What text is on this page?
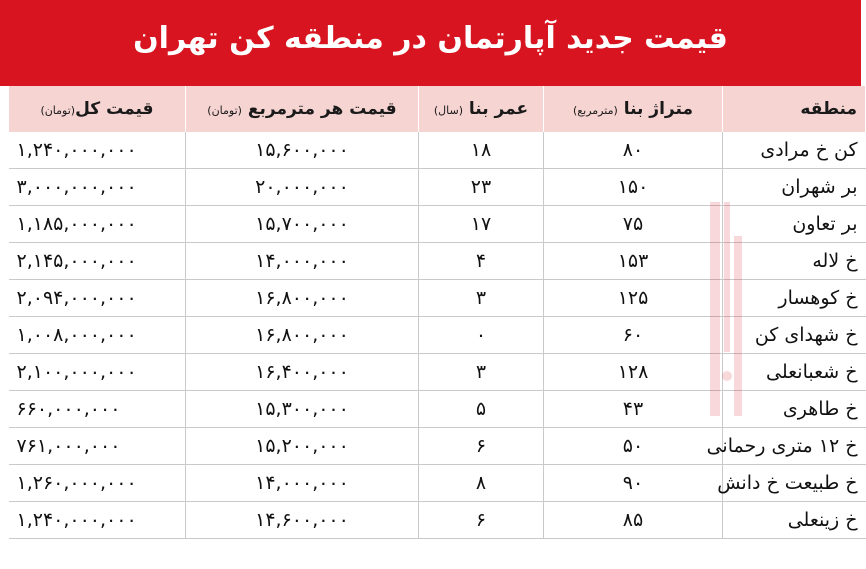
قیمت جدید آپارتمان در منطقه کن تهران
منطقه	متراژ بنا (مترمربع)	عمر بنا (سال)	قیمت هر مترمربع (تومان)	قیمت کل(تومان)
کن خ مرادی	۸۰	۱۸	۱۵,۶۰۰,۰۰۰	۱,۲۴۰,۰۰۰,۰۰۰
بر شهران	۱۵۰	۲۳	۲۰,۰۰۰,۰۰۰	۳,۰۰۰,۰۰۰,۰۰۰
بر تعاون	۷۵	۱۷	۱۵,۷۰۰,۰۰۰	۱,۱۸۵,۰۰۰,۰۰۰
خ لاله	۱۵۳	۴	۱۴,۰۰۰,۰۰۰	۲,۱۴۵,۰۰۰,۰۰۰
خ کوهسار	۱۲۵	۳	۱۶,۸۰۰,۰۰۰	۲,۰۹۴,۰۰۰,۰۰۰
خ شهدای کن	۶۰	۰	۱۶,۸۰۰,۰۰۰	۱,۰۰۸,۰۰۰,۰۰۰
خ شعبانعلی	۱۲۸	۳	۱۶,۴۰۰,۰۰۰	۲,۱۰۰,۰۰۰,۰۰۰
خ طاهری	۴۳	۵	۱۵,۳۰۰,۰۰۰	۶۶۰,۰۰۰,۰۰۰
خ ۱۲ متری رحمانی	۵۰	۶	۱۵,۲۰۰,۰۰۰	۷۶۱,۰۰۰,۰۰۰
خ طبیعت خ دانش	۹۰	۸	۱۴,۰۰۰,۰۰۰	۱,۲۶۰,۰۰۰,۰۰۰
خ زینعلی	۸۵	۶	۱۴,۶۰۰,۰۰۰	۱,۲۴۰,۰۰۰,۰۰۰
